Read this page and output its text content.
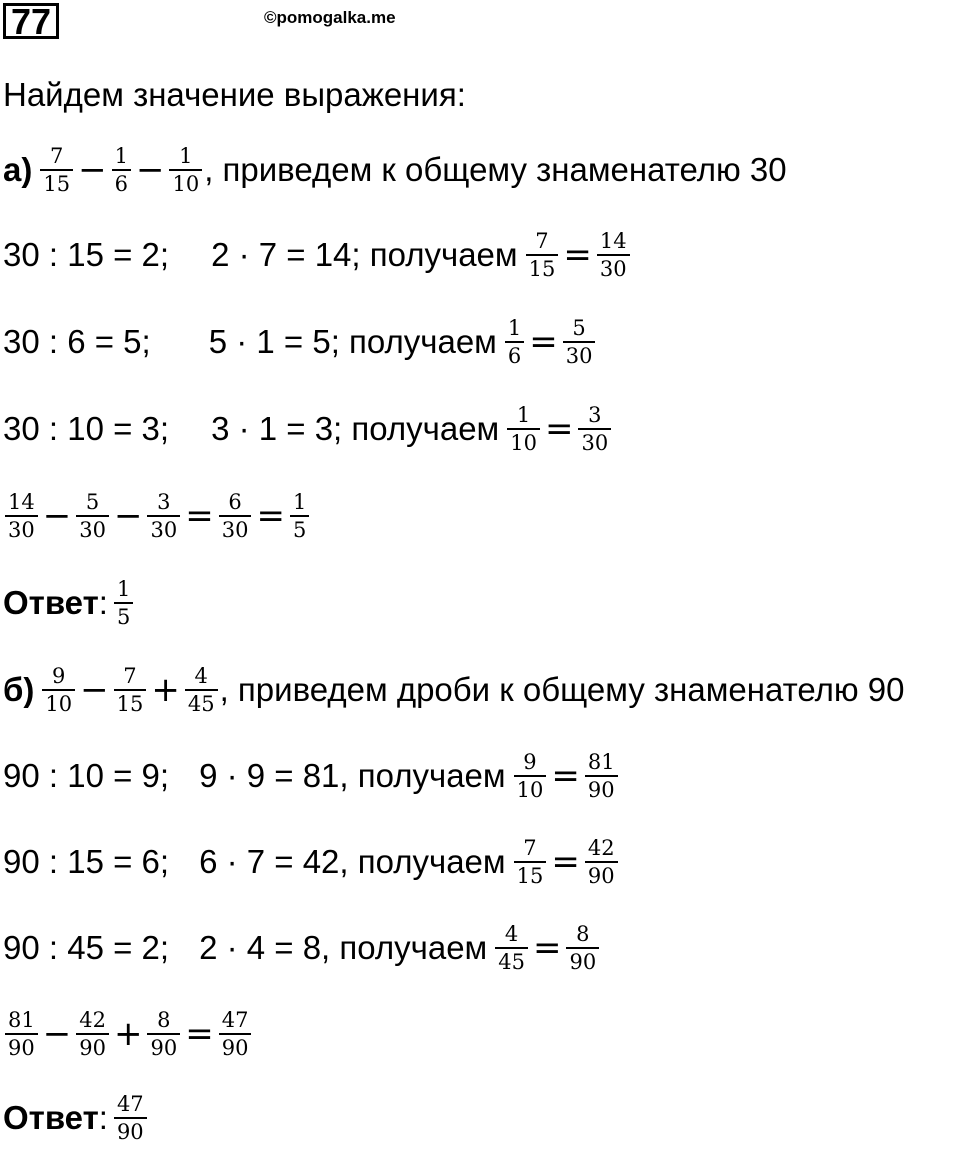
77	©pomogalka.me
Найдем значение выражения:
$а) \frac{7}{15} - \frac{1}{6} - \frac{1}{10}$ , приведем к общему знаменателю 30
30 : 15 = 2; 2 · 7 = 14; получаем $\frac{7}{15} = \frac{14}{30}$
30 : 6 = 5; 5 · 1 = 5; получаем $\frac{1}{6} = \frac{5}{30}$
30 : 10 = 3; 3 · 1 = 3; получаем $\frac{1}{10} = \frac{3}{30}$
$\frac{14}{30} - \frac{5}{30} - \frac{3}{30} = \frac{6}{30} = \frac{1}{5}$
Ответ : $\frac{1}{5}$
$б) \frac{9}{10} - \frac{7}{15} + \frac{4}{45}$ , приведем дроби к общему знаменателю 90
90 : 10 = 9; 9 · 9 = 81, получаем $\frac{9}{10} = \frac{81}{90}$
90 : 15 = 6; 6 · 7 = 42, получаем $\frac{7}{15} = \frac{42}{90}$
90 : 45 = 2; 2 · 4 = 8, получаем $\frac{4}{45} = \frac{8}{90}$
$\frac{81}{90} - \frac{42}{90} + \frac{8}{90} = \frac{47}{90}$
Ответ : $\frac{47}{90}$
